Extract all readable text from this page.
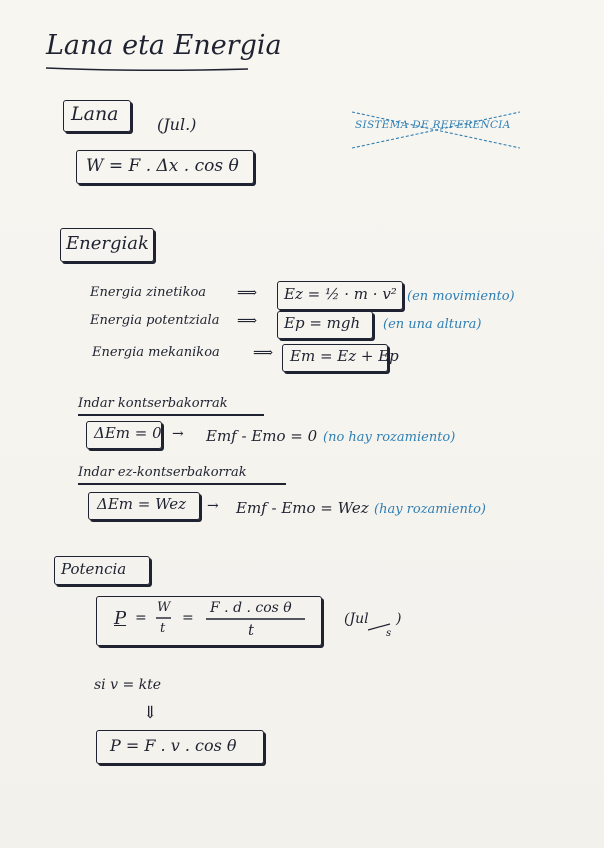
Lana eta Energia
Lana (Jul.)	SISTEMA DE REFERENCIA
W = F . Δx . cos θ
Energiak
Energia zinetikoa ⟹ Ez = ½ · m · v² (en movimiento)
Energia potentziala ⟹ Ep = mgh (en una altura)
Energia mekanikoa ⟹ Em = Ez + Ep
Indar kontserbakorrak
ΔEm = 0 → Emf - Emo = 0 (no hay rozamiento)
Indar ez-kontserbakorrak
ΔEm = Wez → Emf - Emo = Wez (hay rozamiento)
Potencia
P =
W
t
=
F . d . cos θ
t
(Jul
s
)
si v = kte
⇓
P = F . v . cos θ
